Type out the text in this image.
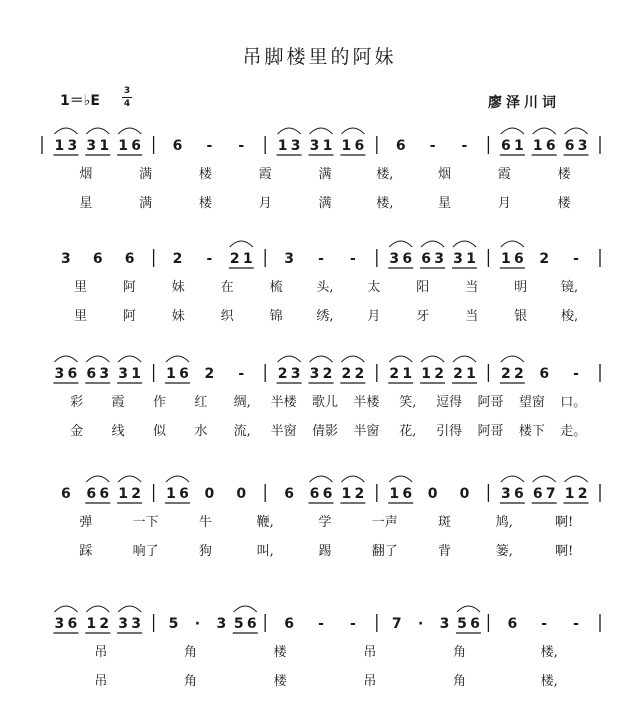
吊脚楼里的阿妹
1＝♭E
3
4	廖泽川词
1 3 3 1 1 6 6 - - 1 3 3 1 1 6 6 - - 6 1 1 6 6 3
烟	满	楼	霞	满	楼,	烟	霞	楼
星	满	楼	月	满	楼,	星	月	楼
3 6 6	2 - 2 1 3 - - 3 6 6 3 3 1 1 6 2 -
里	阿	妹	在	梳	头,	太	阳	当	明	镜,
里	阿	妹	织	锦	绣,	月	牙	当	银	梭,
3 6 6 3 3 1 1 6 2 - 2 3 3 2 2 2 2 1 1 2 2 1 2 2 6 -
彩 霞 作 红 绸, 半楼 歌儿 半楼 笑, 逗得 阿哥 望窗 口。
金 线 似 水 流, 半窗 倩影 半窗 花, 引得 阿哥 楼下 走。
6 6 6 1 2 1 6 0 0	6 6 6 1 2 1 6 0 0 3 6 6 7 1 2
弹	一下	牛	鞭,	学	一声	斑	鸠,	啊!
踩	响了	狗	叫,	踢	翻了	背	篓,	啊!
3 6 1 2 3 3 5 · 3 5 6 6 - -	7 · 3 5 6 6 - -
吊	角	楼	吊	角	楼,
吊	角	楼	吊	角	楼,
